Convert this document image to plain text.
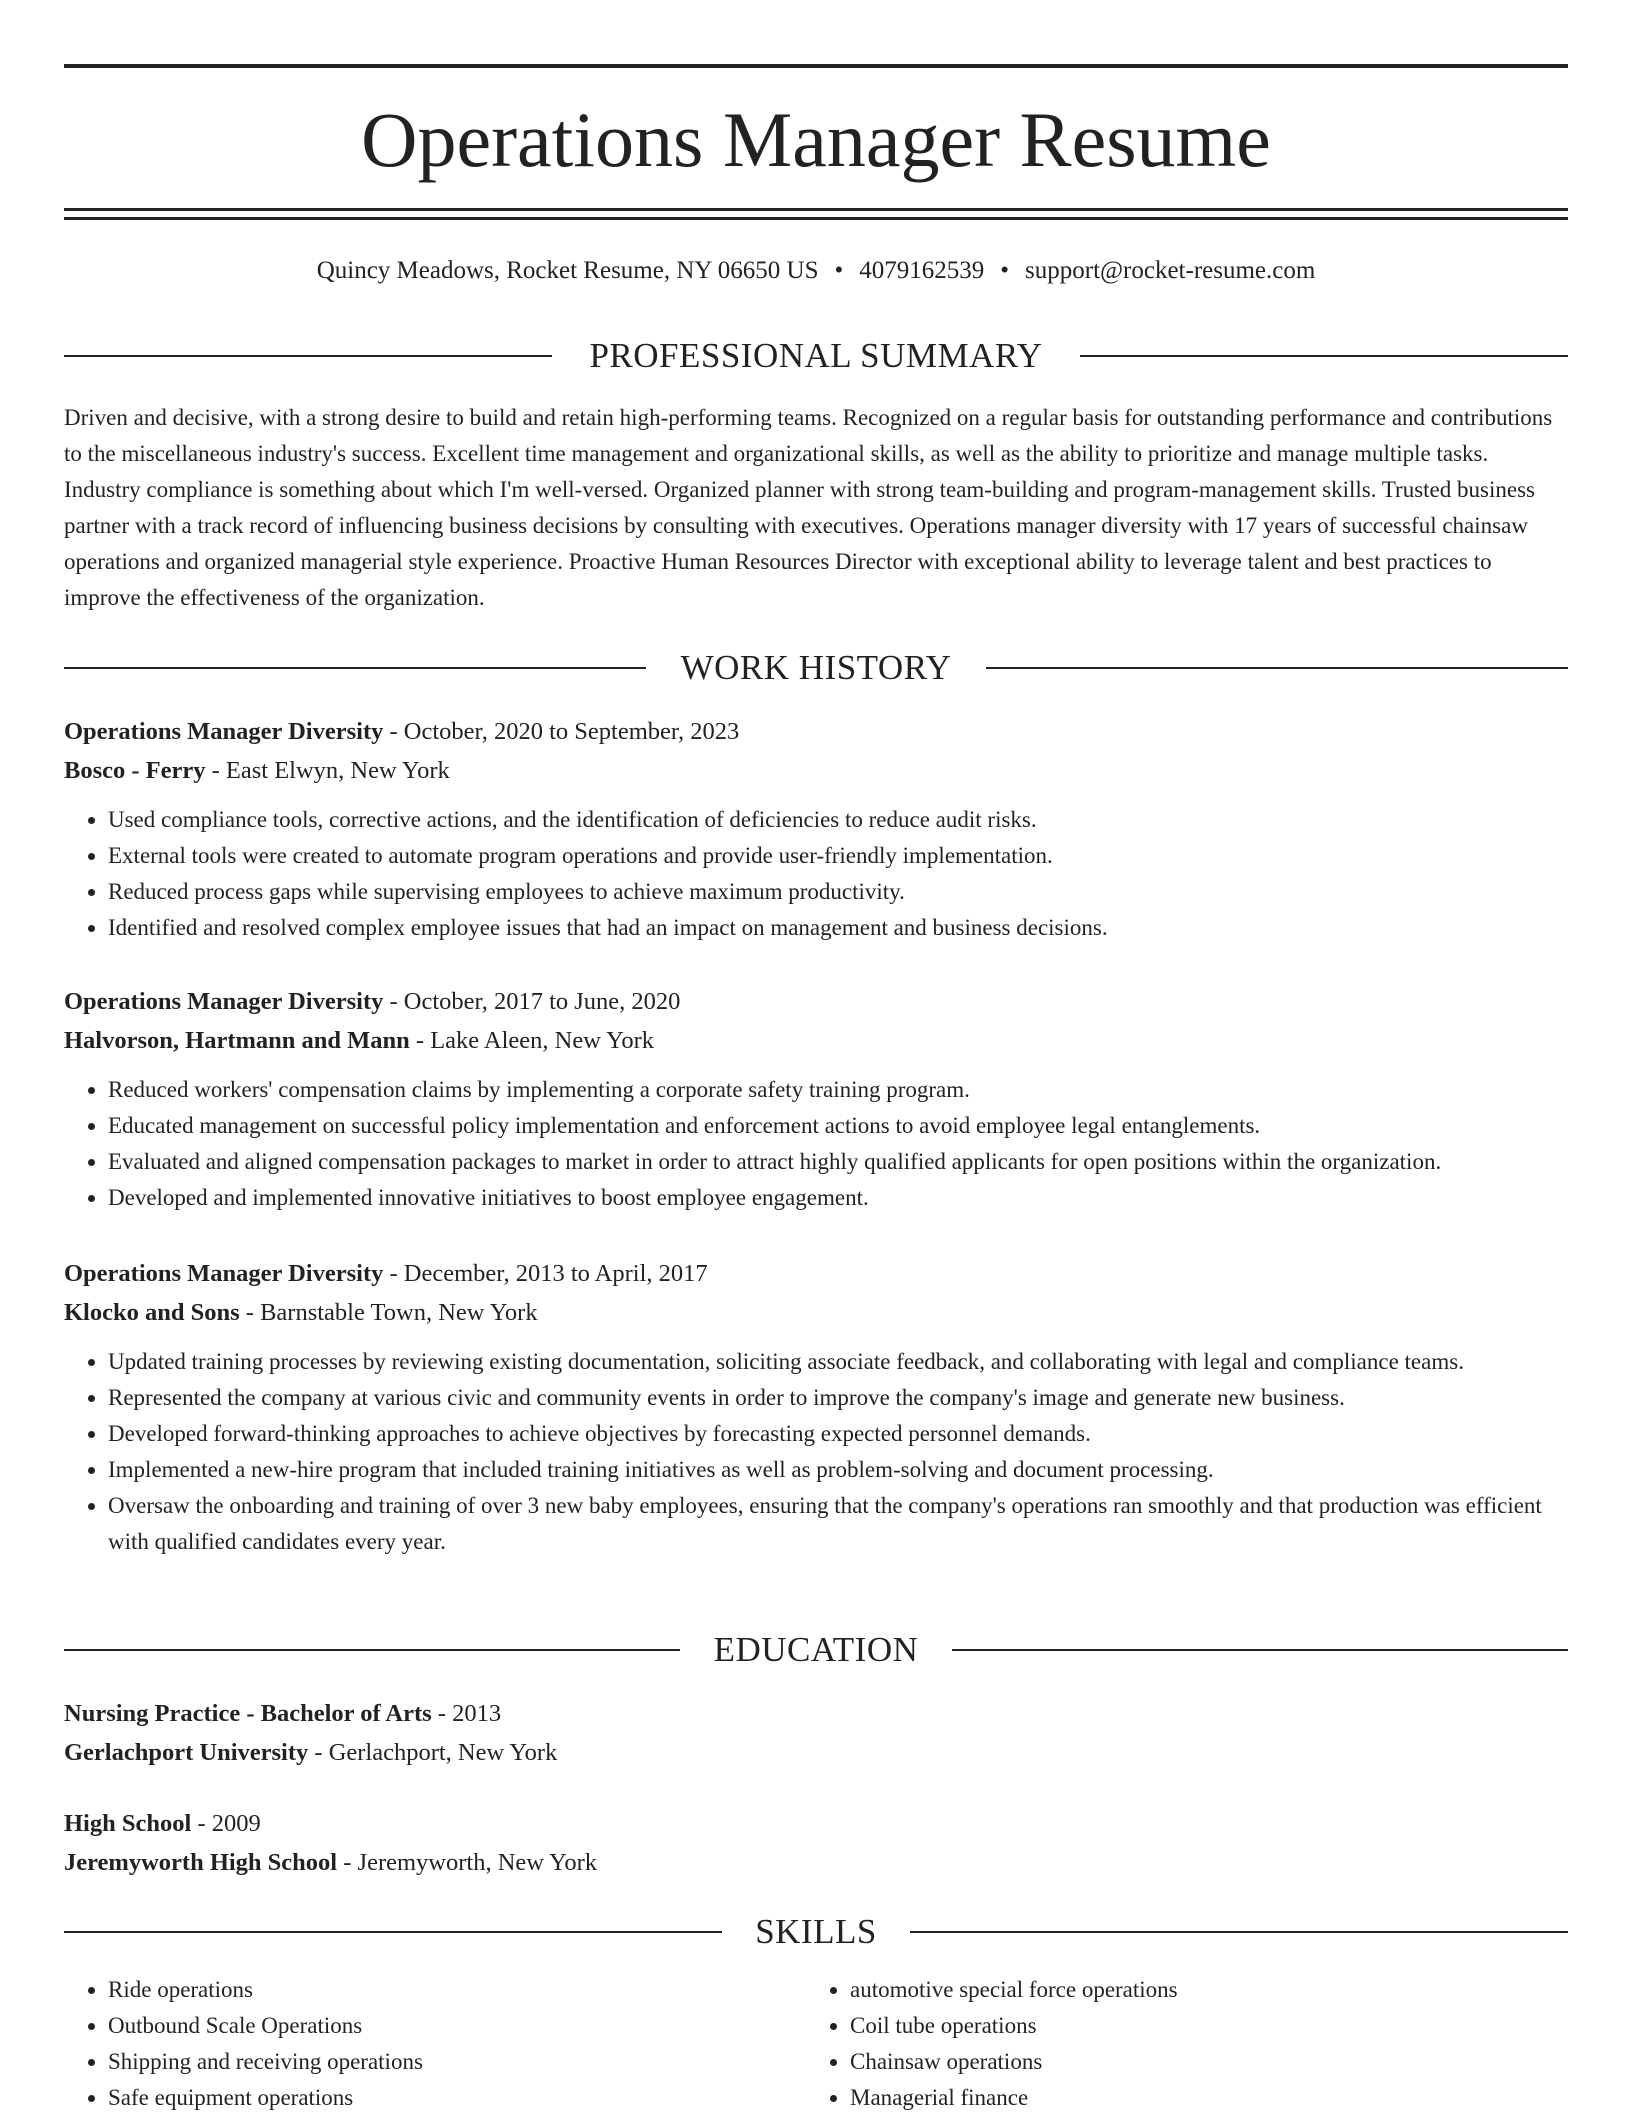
Operations Manager Resume
Quincy Meadows, Rocket Resume, NY 06650 US • 4079162539 • support@rocket-resume.com
PROFESSIONAL SUMMARY
Driven and decisive, with a strong desire to build and retain high-performing teams. Recognized on a regular basis for outstanding performance and contributions to the miscellaneous industry's success. Excellent time management and organizational skills, as well as the ability to prioritize and manage multiple tasks. Industry compliance is something about which I'm well-versed. Organized planner with strong team-building and program-management skills. Trusted business partner with a track record of influencing business decisions by consulting with executives. Operations manager diversity with 17 years of successful chainsaw operations and organized managerial style experience. Proactive Human Resources Director with exceptional ability to leverage talent and best practices to improve the effectiveness of the organization.
WORK HISTORY
Operations Manager Diversity - October, 2020 to September, 2023
Bosco - Ferry - East Elwyn, New York
• Used compliance tools, corrective actions, and the identification of deficiencies to reduce audit risks.
• External tools were created to automate program operations and provide user-friendly implementation.
• Reduced process gaps while supervising employees to achieve maximum productivity.
• Identified and resolved complex employee issues that had an impact on management and business decisions.
Operations Manager Diversity - October, 2017 to June, 2020
Halvorson, Hartmann and Mann - Lake Aleen, New York
• Reduced workers' compensation claims by implementing a corporate safety training program.
• Educated management on successful policy implementation and enforcement actions to avoid employee legal entanglements.
• Evaluated and aligned compensation packages to market in order to attract highly qualified applicants for open positions within the organization.
• Developed and implemented innovative initiatives to boost employee engagement.
Operations Manager Diversity - December, 2013 to April, 2017
Klocko and Sons - Barnstable Town, New York
• Updated training processes by reviewing existing documentation, soliciting associate feedback, and collaborating with legal and compliance teams.
• Represented the company at various civic and community events in order to improve the company's image and generate new business.
• Developed forward-thinking approaches to achieve objectives by forecasting expected personnel demands.
• Implemented a new-hire program that included training initiatives as well as problem-solving and document processing.
• Oversaw the onboarding and training of over 3 new baby employees, ensuring that the company's operations ran smoothly and that production was efficient with qualified candidates every year.
EDUCATION
Nursing Practice - Bachelor of Arts - 2013
Gerlachport University - Gerlachport, New York
High School - 2009
Jeremyworth High School - Jeremyworth, New York
SKILLS
• Ride operations
• Outbound Scale Operations
• Shipping and receiving operations
• Safe equipment operations
• automotive special force operations
• Coil tube operations
• Chainsaw operations
• Managerial finance
